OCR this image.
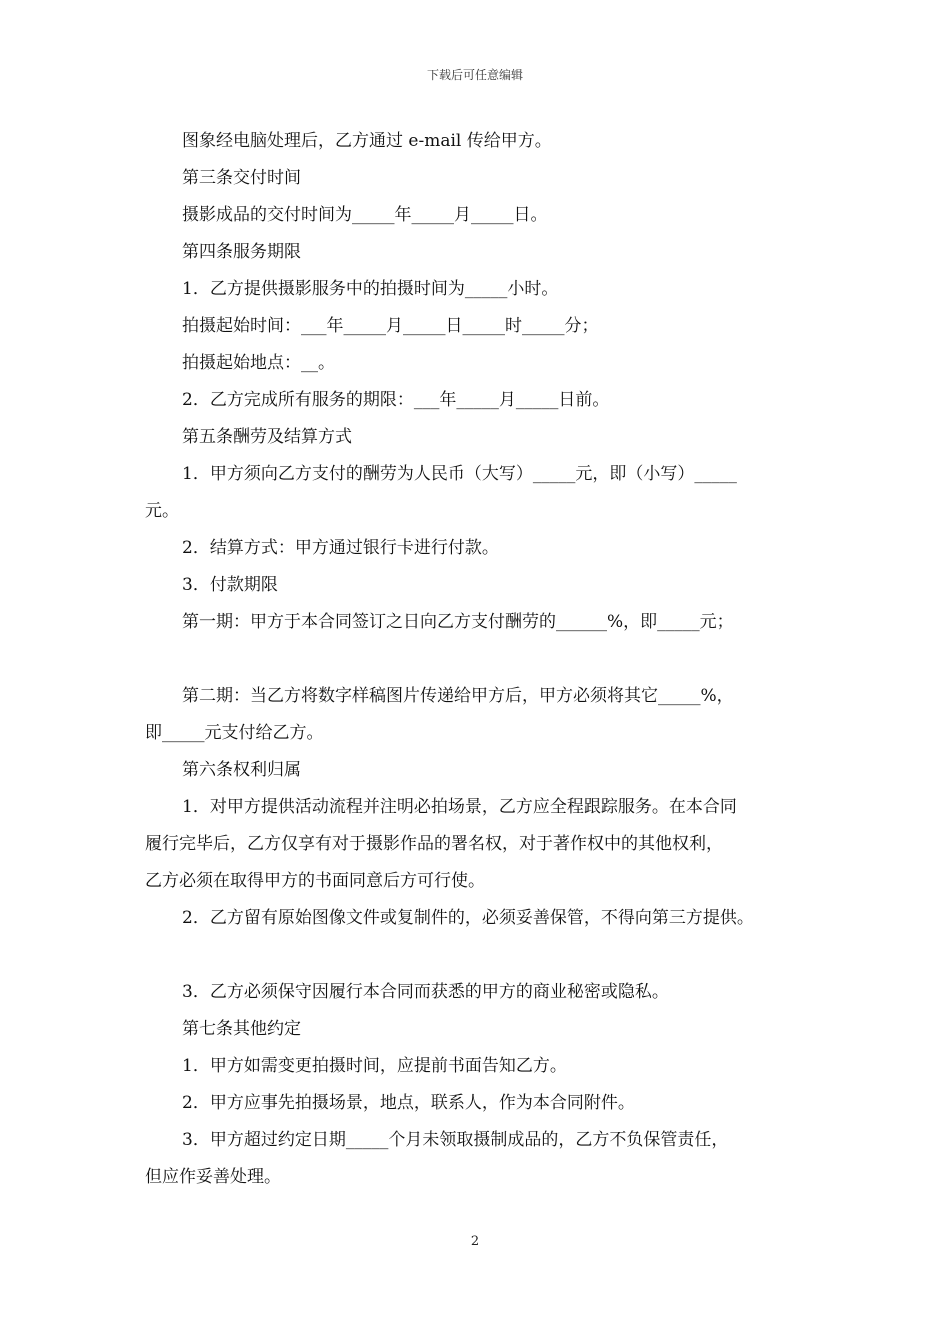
下载后可任意编辑

图象经电脑处理后，乙方通过 e-mail 传给甲方。

第三条交付时间

摄影成品的交付时间为_____年_____月_____日。

第四条服务期限

1．乙方提供摄影服务中的拍摄时间为_____小时。

拍摄起始时间：___年_____月_____日_____时_____分；

拍摄起始地点：__。

2．乙方完成所有服务的期限：___年_____月_____日前。

第五条酬劳及结算方式

1．甲方须向乙方支付的酬劳为人民币（大写）_____元，即（小写）_____

元。

2．结算方式：甲方通过银行卡进行付款。

3．付款期限

第一期：甲方于本合同签订之日向乙方支付酬劳的______%，即_____元；

第二期：当乙方将数字样稿图片传递给甲方后，甲方必须将其它_____%，

即_____元支付给乙方。

第六条权利归属

1．对甲方提供活动流程并注明必拍场景，乙方应全程跟踪服务。在本合同

履行完毕后，乙方仅享有对于摄影作品的署名权，对于著作权中的其他权利，

乙方必须在取得甲方的书面同意后方可行使。

2．乙方留有原始图像文件或复制件的，必须妥善保管，不得向第三方提供。

3．乙方必须保守因履行本合同而获悉的甲方的商业秘密或隐私。

第七条其他约定

1．甲方如需变更拍摄时间，应提前书面告知乙方。

2．甲方应事先拍摄场景，地点，联系人，作为本合同附件。

3．甲方超过约定日期_____个月未领取摄制成品的，乙方不负保管责任，

但应作妥善处理。

2
